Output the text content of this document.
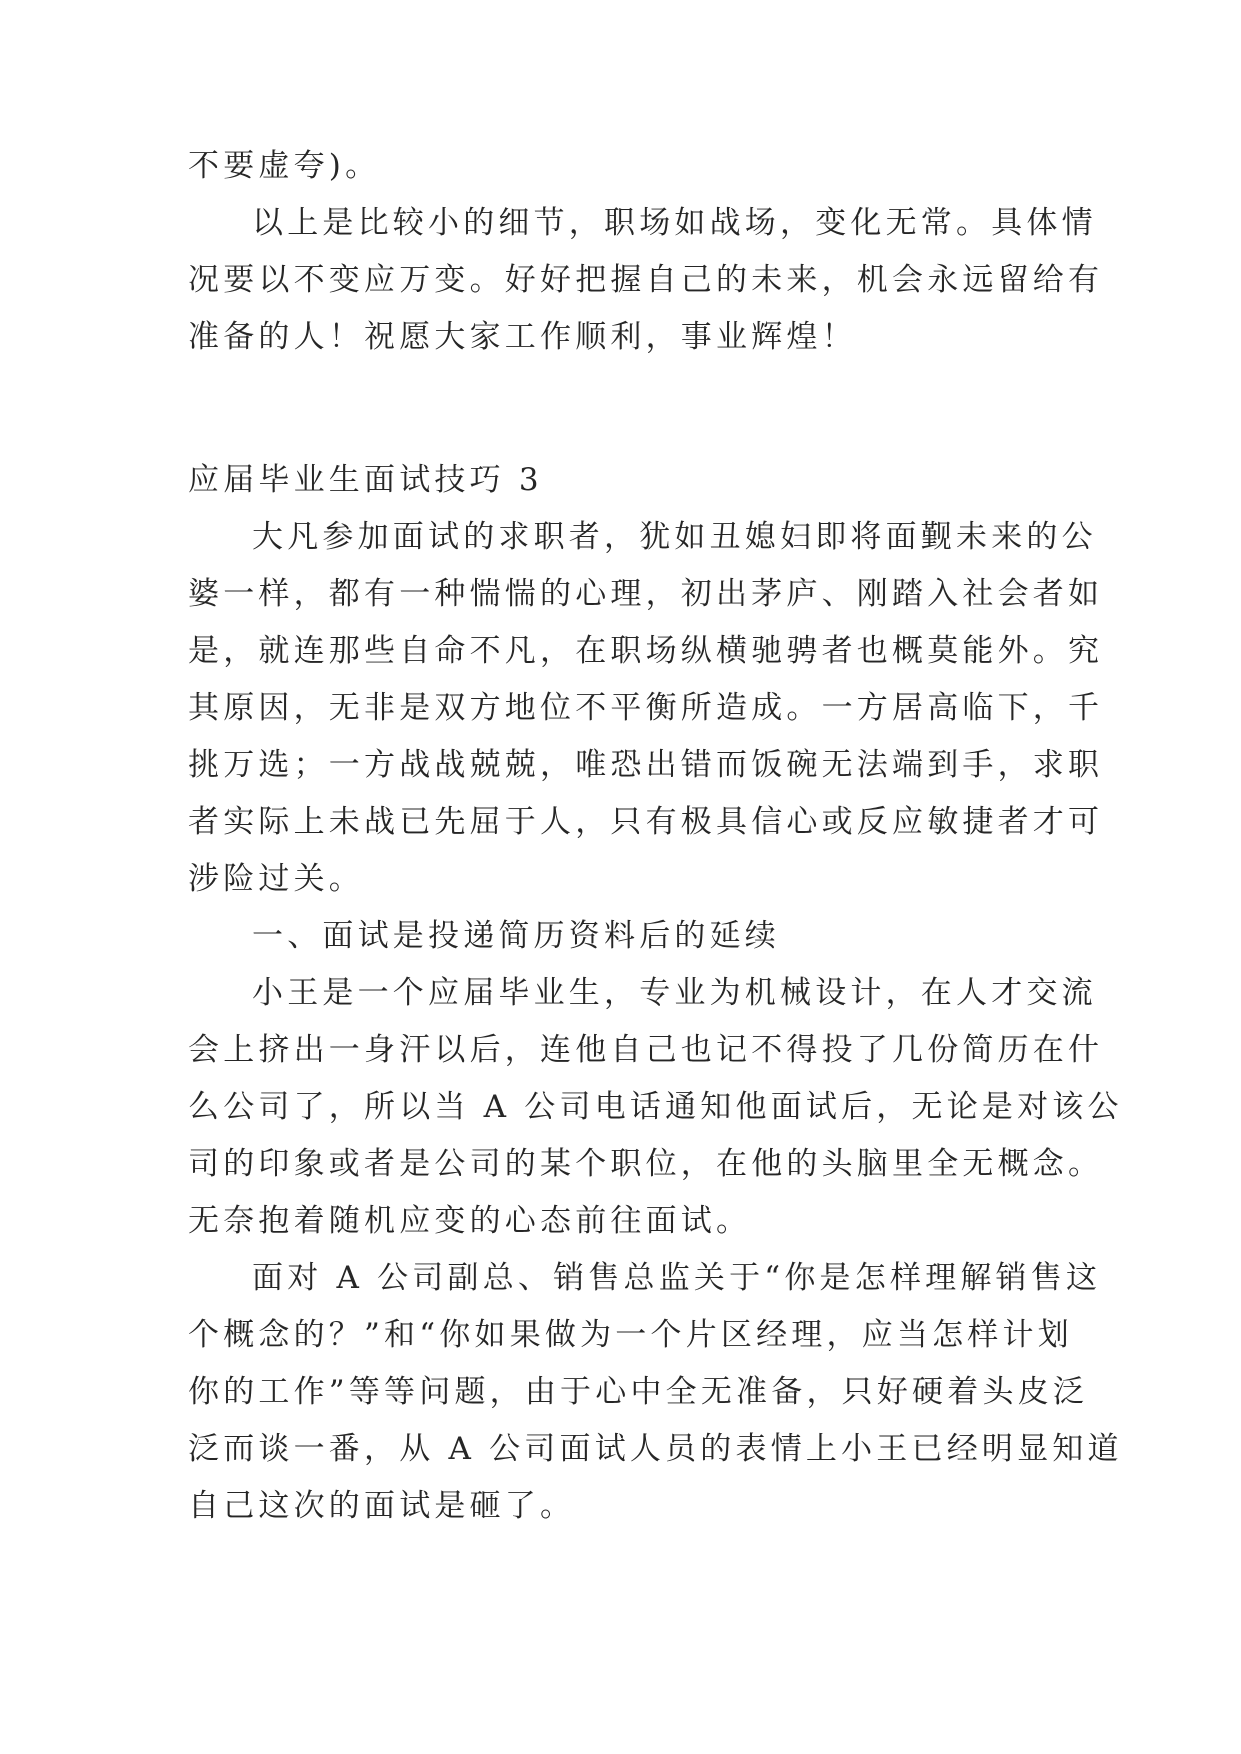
不要虚夸)。

以上是比较小的细节，职场如战场，变化无常。具体情

况要以不变应万变。好好把握自己的未来，机会永远留给有

准备的人！祝愿大家工作顺利，事业辉煌！

应届毕业生面试技巧 3

大凡参加面试的求职者，犹如丑媳妇即将面觐未来的公

婆一样，都有一种惴惴的心理，初出茅庐、刚踏入社会者如

是，就连那些自命不凡，在职场纵横驰骋者也概莫能外。究

其原因，无非是双方地位不平衡所造成。一方居高临下，千

挑万选；一方战战兢兢，唯恐出错而饭碗无法端到手，求职

者实际上未战已先屈于人，只有极具信心或反应敏捷者才可

涉险过关。

一、面试是投递简历资料后的延续

小王是一个应届毕业生，专业为机械设计，在人才交流

会上挤出一身汗以后，连他自己也记不得投了几份简历在什

么公司了，所以当 A 公司电话通知他面试后，无论是对该公

司的印象或者是公司的某个职位，在他的头脑里全无概念。

无奈抱着随机应变的心态前往面试。

面对 A 公司副总、销售总监关于“你是怎样理解销售这

个概念的？”和“你如果做为一个片区经理，应当怎样计划

你的工作”等等问题，由于心中全无准备，只好硬着头皮泛

泛而谈一番，从 A 公司面试人员的表情上小王已经明显知道

自己这次的面试是砸了。
